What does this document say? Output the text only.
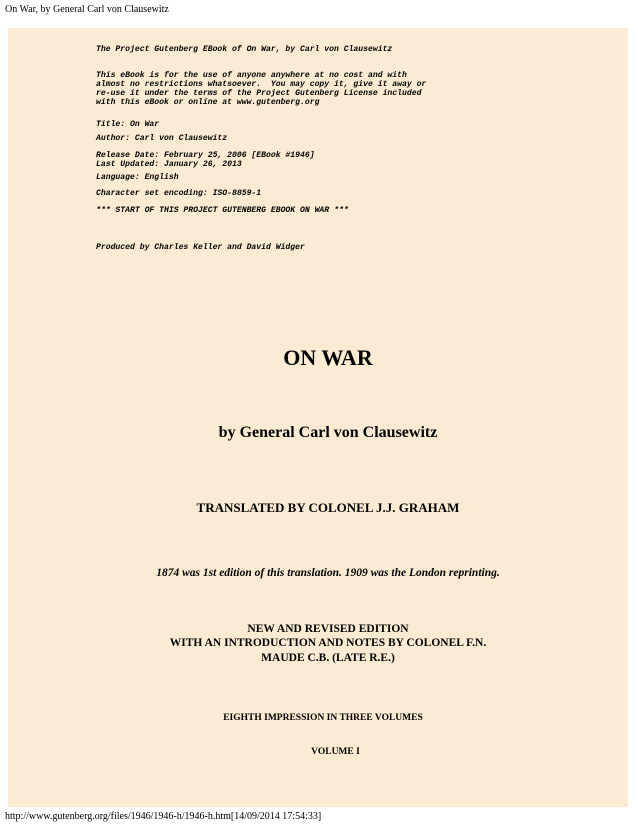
On War, by General Carl von Clausewitz
The Project Gutenberg EBook of On War, by Carl von Clausewitz
This eBook is for the use of anyone anywhere at no cost and with
almost no restrictions whatsoever.  You may copy it, give it away or
re-use it under the terms of the Project Gutenberg License included
with this eBook or online at www.gutenberg.org
Title: On War
Author: Carl von Clausewitz
Release Date: February 25, 2006 [EBook #1946]
Last Updated: January 26, 2013
Language: English
Character set encoding: ISO-8859-1
*** START OF THIS PROJECT GUTENBERG EBOOK ON WAR ***
Produced by Charles Keller and David Widger
ON WAR
by General Carl von Clausewitz
TRANSLATED BY COLONEL J.J. GRAHAM
1874 was 1st edition of this translation. 1909 was the London reprinting.
NEW AND REVISED EDITION
WITH AN INTRODUCTION AND NOTES BY COLONEL F.N.
MAUDE C.B. (LATE R.E.)
EIGHTH IMPRESSION IN THREE VOLUMES
VOLUME I
http://www.gutenberg.org/files/1946/1946-h/1946-h.htm[14/09/2014 17:54:33]
